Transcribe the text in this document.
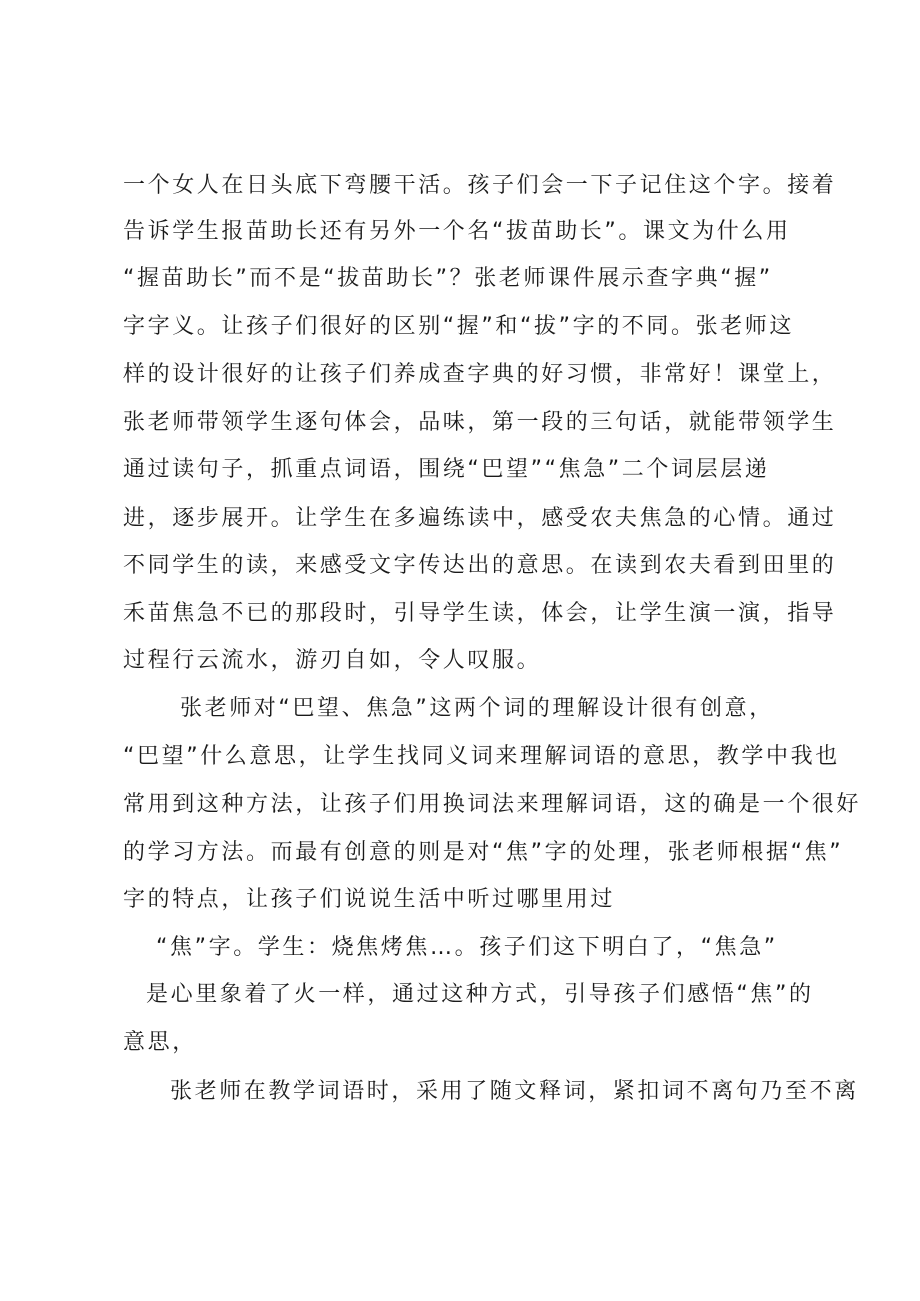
一个女人在日头底下弯腰干活。孩子们会一下子记住这个字。接着

告诉学生报苗助长还有另外一个名“拔苗助长”。课文为什么用

“握苗助长”而不是“拔苗助长”？张老师课件展示查字典“握”

字字义。让孩子们很好的区别“握”和“拔”字的不同。张老师这

样的设计很好的让孩子们养成查字典的好习惯，非常好！课堂上，

张老师带领学生逐句体会，品味，第一段的三句话，就能带领学生

通过读句子，抓重点词语，围绕“巴望”“焦急”二个词层层递

进，逐步展开。让学生在多遍练读中，感受农夫焦急的心情。通过

不同学生的读，来感受文字传达出的意思。在读到农夫看到田里的

禾苗焦急不已的那段时，引导学生读，体会，让学生演一演，指导

过程行云流水，游刃自如，令人叹服。

张老师对“巴望、焦急”这两个词的理解设计很有创意，

“巴望”什么意思，让学生找同义词来理解词语的意思，教学中我也

常用到这种方法，让孩子们用换词法来理解词语，这的确是一个很好

的学习方法。而最有创意的则是对“焦”字的处理，张老师根据“焦”

字的特点，让孩子们说说生活中听过哪里用过

“焦”字。学生：烧焦烤焦…。孩子们这下明白了，“焦急”

是心里象着了火一样，通过这种方式，引导孩子们感悟“焦”的

意思，

张老师在教学词语时，采用了随文释词，紧扣词不离句乃至不离
